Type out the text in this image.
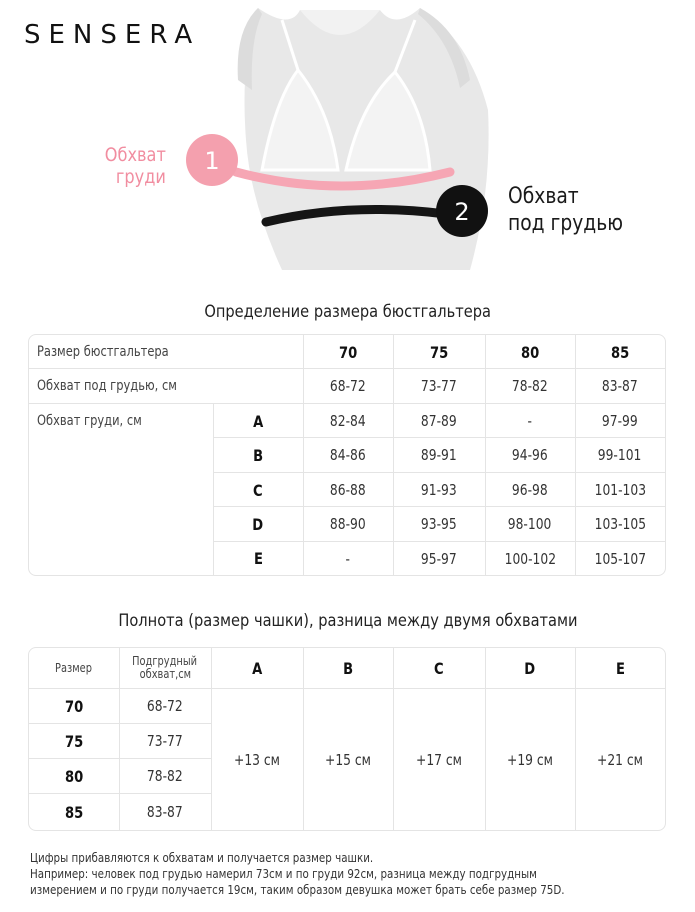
SENSERA
1
2
Обхват
груди
Обхват
под грудью
Определение размера бюстгальтера
Размер бюстгальтера	70	75	80	85
Обхват под грудью, см	68-72	73-77	78-82	83-87
Обхват груди, см	A	82-84	87-89	-	97-99
B	84-86	89-91	94-96	99-101
C	86-88	91-93	96-98	101-103
D	88-90	93-95	98-100	103-105
E	-	95-97	100-102	105-107
Полнота (размер чашки), разница между двумя обхватами
Размер	Подгрудный
обхват,см	A	B	C	D	E
70	68-72
75	73-77
80	78-82
85	83-87
+13 см	+15 см	+17 см	+19 см	+21 см
Цифры прибавляются к обхватам и получается размер чашки.
Например: человек под грудью намерил 73см и по груди 92см, разница между подгрудным
измерением и по груди получается 19см, таким образом девушка может брать себе размер 75D.
